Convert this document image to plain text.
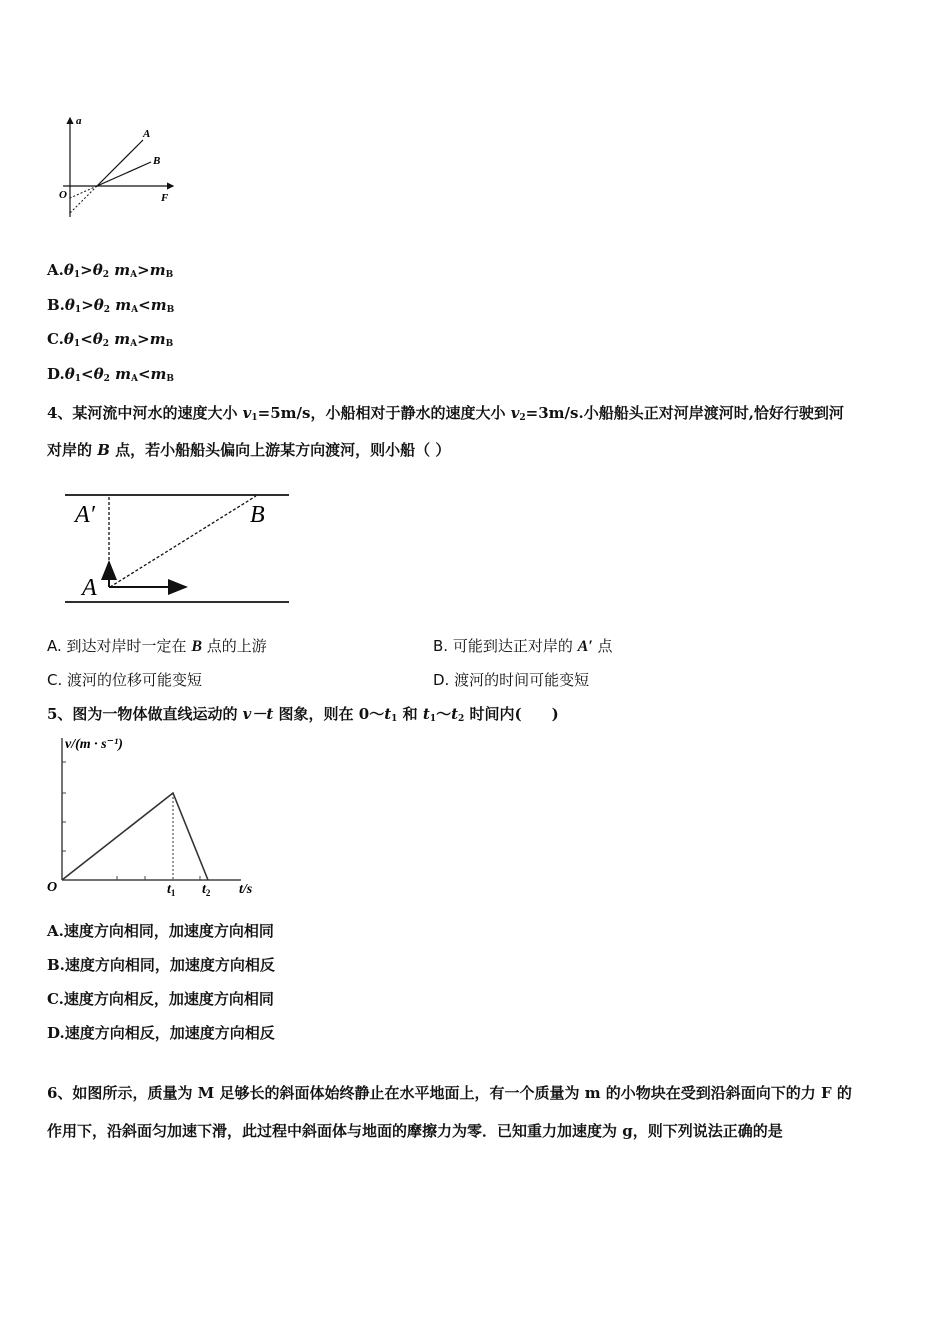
a
F
O
A
B
$A.\theta_1>\theta_2$ $m_A>m_B$
$B.\theta_1>\theta_2$ $m_A<m_B$
$C.\theta_1<\theta_2$ $m_A>m_B$
$D.\theta_1<\theta_2$ $m_A<m_B$
4、某河流中河水的速度大小 $v_1=5m/s$，小船相对于静水的速度大小 $v_2=3m/s$.小船船头正对河岸渡河时,恰好行驶到河
对岸的 B 点，若小船船头偏向上游某方向渡河，则小船（ ）
A′	B
A
A. 到达对岸时一定在 B 点的上游	B. 可能到达正对岸的 A′ 点
C. 渡河的位移可能变短	D. 渡河的时间可能变短
5、图为一物体做直线运动的 v－t 图象，则在 $0\sim t_1$ 和 $t_1\sim t_2$ 时间内(　　)
v/(m · s⁻¹)
O	$t_1$ $t_2$ t/s
A.速度方向相同，加速度方向相同
B.速度方向相同，加速度方向相反
C.速度方向相反，加速度方向相同
D.速度方向相反，加速度方向相反
6、如图所示，质量为 M 足够长的斜面体始终静止在水平地面上，有一个质量为 m 的小物块在受到沿斜面向下的力 F 的
作用下，沿斜面匀加速下滑，此过程中斜面体与地面的摩擦力为零．已知重力加速度为 g，则下列说法正确的是
